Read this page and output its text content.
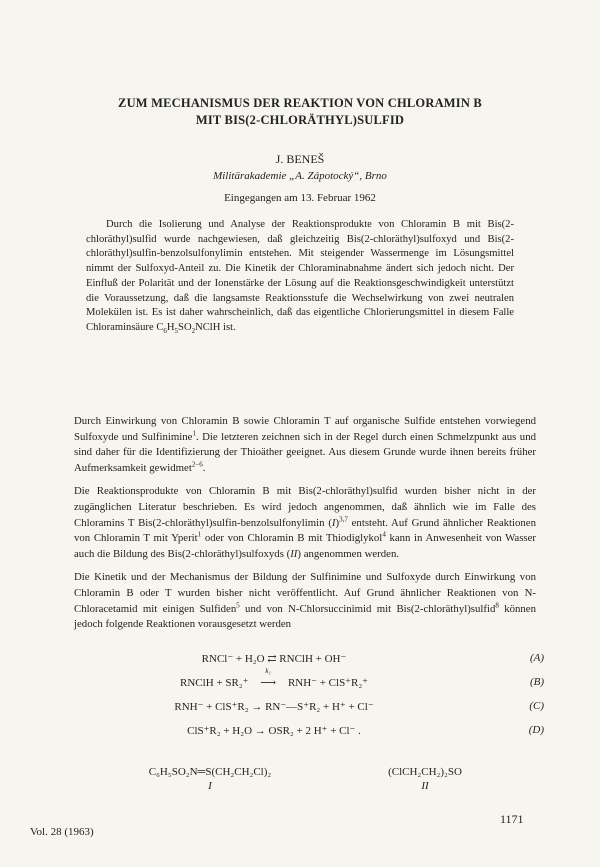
ZUM MECHANISMUS DER REAKTION VON CHLORAMIN B
MIT BIS(2-CHLORÄTHYL)SULFID

J. BENEŠ

Militärakademie „A. Zápotocký“, Brno

Eingegangen am 13. Februar 1962

Durch die Isolierung und Analyse der Reaktionsprodukte von Chloramin B mit Bis(2-chloräthyl)sulfid wurde nachgewiesen, daß gleichzeitig Bis(2-chloräthyl)sulfoxyd und Bis(2-chloräthyl)sulfin-benzolsulfonylimin entstehen. Mit steigender Wassermenge im Lösungsmittel nimmt der Sulfoxyd-Anteil zu. Die Kinetik der Chloraminabnahme ändert sich jedoch nicht. Der Einfluß der Polarität und der Ionenstärke der Lösung auf die Reaktionsgeschwindigkeit unterstützt die Voraussetzung, daß die langsamste Reaktionsstufe die Wechselwirkung von zwei neutralen Molekülen ist. Es ist daher wahrscheinlich, daß das eigentliche Chlorierungsmittel in diesem Falle Chloraminsäure $C_6H_5SO_2NClH$ ist.

Durch Einwirkung von Chloramin B sowie Chloramin T auf organische Sulfide entstehen vorwiegend Sulfoxyde und Sulfinimine$^1$. Die letzteren zeichnen sich in der Regel durch einen Schmelzpunkt aus und sind daher für die Identifizierung der Thioäther geeignet. Aus diesem Grunde wurde ihnen bereits früher Aufmerksamkeit gewidmet$^{2-6}$.

Die Reaktionsprodukte von Chloramin B mit Bis(2-chloräthyl)sulfid wurden bisher nicht in der zugänglichen Literatur beschrieben. Es wird jedoch angenommen, daß ähnlich wie im Falle des Chloramins T Bis(2-chloräthyl)sulfin-benzolsulfonylimin $(I)^{3,7}$ entsteht. Auf Grund ähnlicher Reaktionen von Chloramin T mit Yperit$^1$ oder von Chloramin B mit Thiodiglykol$^4$ kann in Anwesenheit von Wasser auch die Bildung des Bis(2-chloräthyl)sulfoxyds (II) angenommen werden.

Die Kinetik und der Mechanismus der Bildung der Sulfinimine und Sulfoxyde durch Einwirkung von Chloramin B oder T wurden bisher nicht veröffentlicht. Auf Grund ähnlicher Reaktionen von N-Chloracetamid mit einigen Sulfiden$^5$ und von N-Chlorsuccinimid mit Bis(2-chloräthyl)sulfid$^8$ können jedoch folgende Reaktionen vorausgesetzt werden

RNCl⁻ + H₂O ⇄ RNClH + OH⁻	(A)
RNClH + SR₂⁺
k₁
⟶ RNH⁻ + ClS⁺R₂⁺	(B)
RNH⁻ + ClS⁺R₂ → RN⁻—S⁺R₂ + H⁺ + Cl⁻	(C)
ClS⁺R₂ + H₂O → OSR₂ + 2 H⁺ + Cl⁻ .	(D)
C₆H₅SO₂N═S(CH₂CH₂Cl)₂
I
(ClCH₂CH₂)₂SO
II
Vol. 28 (1963)
1171
